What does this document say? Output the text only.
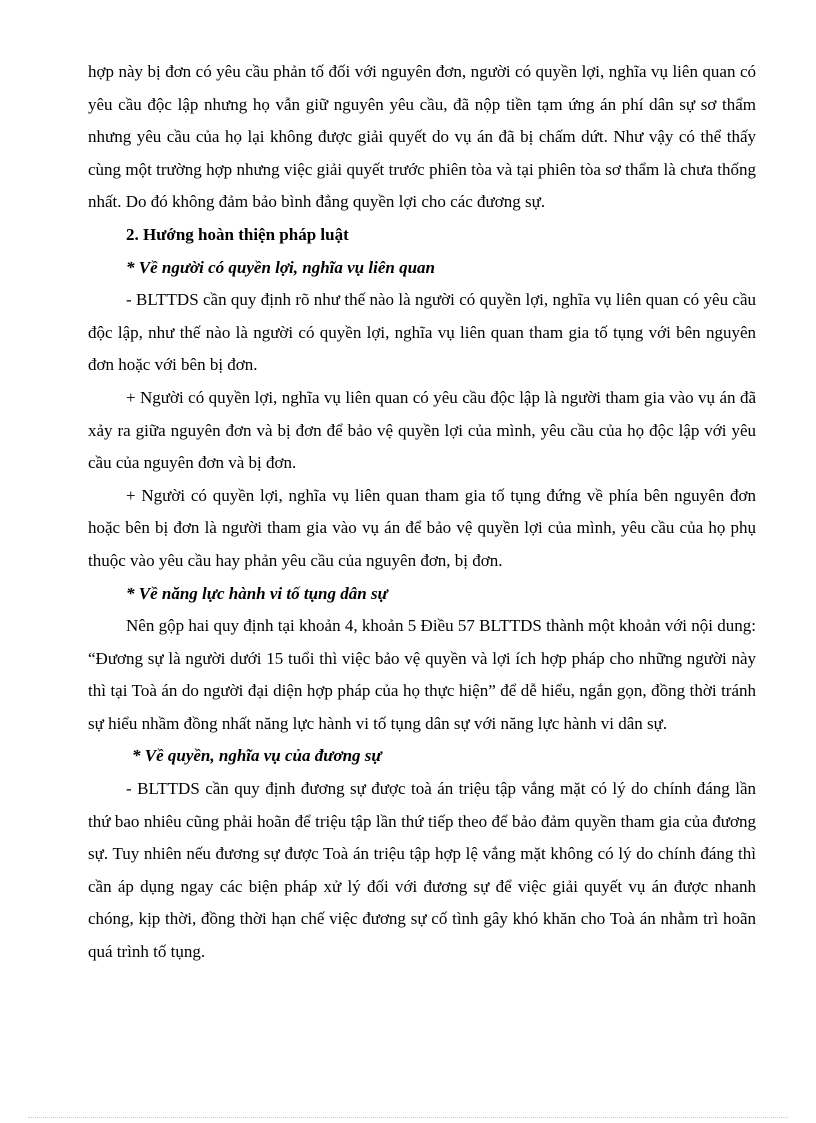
hợp này bị đơn có yêu cầu phản tố đối với nguyên đơn, người có quyền lợi, nghĩa vụ liên quan có yêu cầu độc lập nhưng họ vẫn giữ nguyên yêu cầu, đã nộp tiền tạm ứng án phí dân sự sơ thẩm nhưng yêu cầu của họ lại không được giải quyết do vụ án đã bị chấm dứt. Như vậy có thể thấy cùng một trường hợp nhưng việc giải quyết trước phiên tòa và tại phiên tòa sơ thẩm là chưa thống nhất. Do đó không đảm bảo bình đẳng quyền lợi cho các đương sự.

2. Hướng hoàn thiện pháp luật

* Về người có quyền lợi, nghĩa vụ liên quan

- BLTTDS cần quy định rõ như thế nào là người có quyền lợi, nghĩa vụ liên quan có yêu cầu độc lập, như thế nào là người có quyền lợi, nghĩa vụ liên quan tham gia tố tụng với bên nguyên đơn hoặc với bên bị đơn.

+ Người có quyền lợi, nghĩa vụ liên quan có yêu cầu độc lập là người tham gia vào vụ án đã xảy ra giữa nguyên đơn và bị đơn để bảo vệ quyền lợi của mình, yêu cầu của họ độc lập với yêu cầu của nguyên đơn và bị đơn.

+ Người có quyền lợi, nghĩa vụ liên quan tham gia tố tụng đứng về phía bên nguyên đơn hoặc bên bị đơn là người tham gia vào vụ án để bảo vệ quyền lợi của mình, yêu cầu của họ phụ thuộc vào yêu cầu hay phản yêu cầu của nguyên đơn, bị đơn.

* Về năng lực hành vi tố tụng dân sự

Nên gộp hai quy định tại khoản 4, khoản 5 Điều 57 BLTTDS thành một khoản với nội dung: “Đương sự là người dưới 15 tuổi thì việc bảo vệ quyền và lợi ích hợp pháp cho những người này thì tại Toà án do người đại diện hợp pháp của họ thực hiện” để dễ hiểu, ngắn gọn, đồng thời tránh sự hiểu nhầm đồng nhất năng lực hành vi tố tụng dân sự với năng lực hành vi dân sự.

* Về quyền, nghĩa vụ của đương sự

- BLTTDS cần quy định đương sự được toà án triệu tập vắng mặt có lý do chính đáng lần thứ bao nhiêu cũng phải hoãn để triệu tập lần thứ tiếp theo để bảo đảm quyền tham gia của đương sự. Tuy nhiên nếu đương sự được Toà án triệu tập hợp lệ vắng mặt không có lý do chính đáng thì cần áp dụng ngay các biện pháp xử lý đối với đương sự để việc giải quyết vụ án được nhanh chóng, kịp thời, đồng thời hạn chế việc đương sự cố tình gây khó khăn cho Toà án nhằm trì hoãn quá trình tố tụng.
